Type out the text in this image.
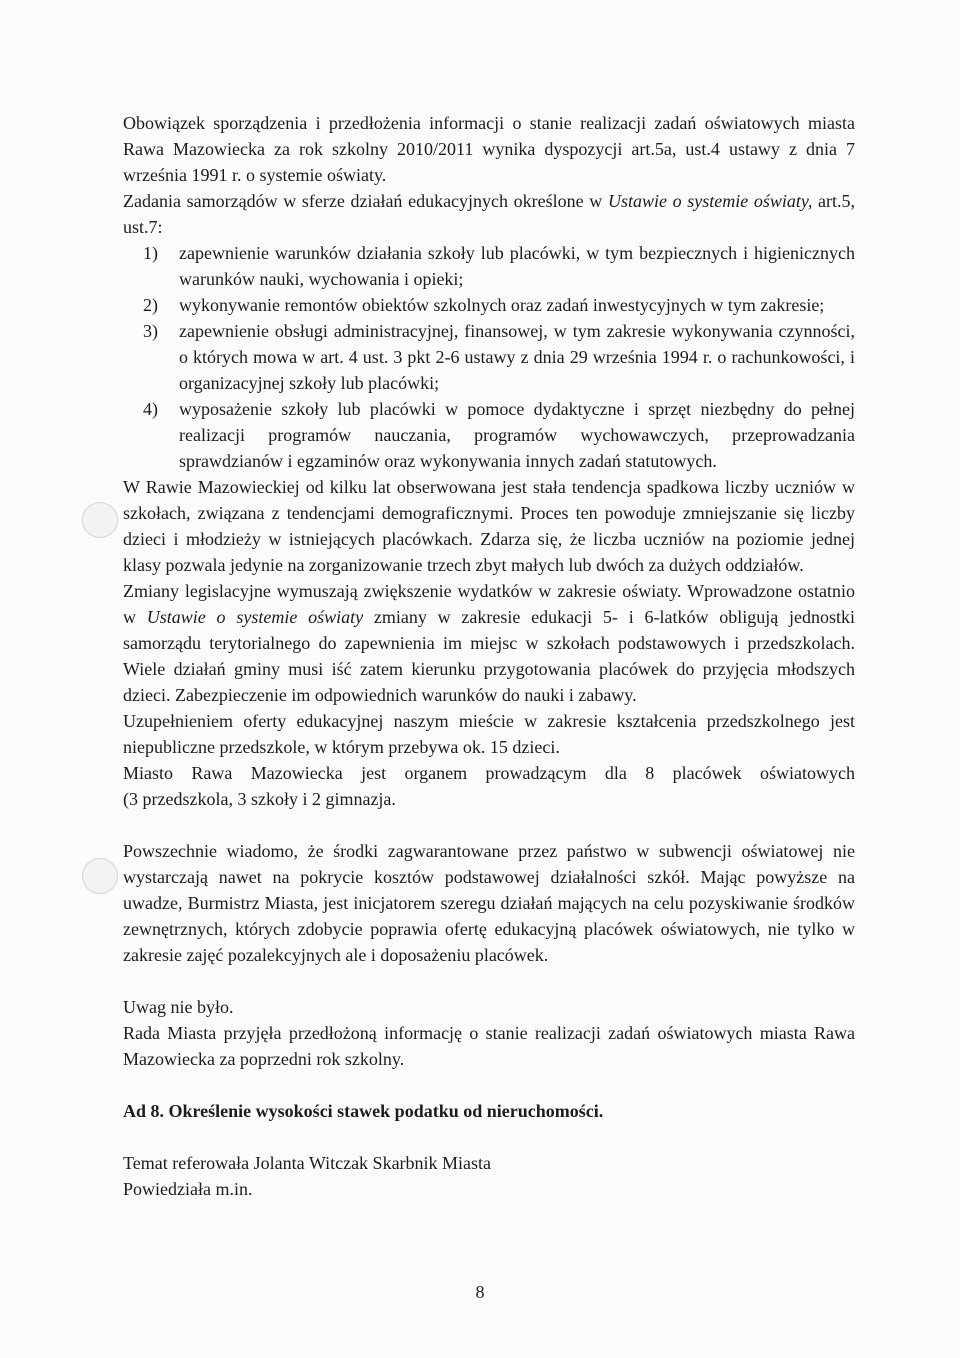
Obowiązek sporządzenia i przedłożenia informacji o stanie realizacji zadań oświatowych miasta Rawa Mazowiecka za rok szkolny 2010/2011 wynika dyspozycji art.5a, ust.4 ustawy z dnia 7 września 1991 r. o systemie oświaty.

Zadania samorządów w sferze działań edukacyjnych określone w Ustawie o systemie oświaty, art.5, ust.7:

1)	zapewnienie warunków działania szkoły lub placówki, w tym bezpiecznych i higienicznych warunków nauki, wychowania i opieki;
2)	wykonywanie remontów obiektów szkolnych oraz zadań inwestycyjnych w tym zakresie;
3)	zapewnienie obsługi administracyjnej, finansowej, w tym zakresie wykonywania czynności, o których mowa w art. 4 ust. 3 pkt 2-6 ustawy z dnia 29 września 1994 r. o rachunkowości, i organizacyjnej szkoły lub placówki;
4)	wyposażenie szkoły lub placówki w pomoce dydaktyczne i sprzęt niezbędny do pełnej realizacji programów nauczania, programów wychowawczych, przeprowadzania sprawdzianów i egzaminów oraz wykonywania innych zadań statutowych.

W Rawie Mazowieckiej od kilku lat obserwowana jest stała tendencja spadkowa liczby uczniów w szkołach, związana z tendencjami demograficznymi. Proces ten powoduje zmniejszanie się liczby dzieci i młodzieży w istniejących placówkach. Zdarza się, że liczba uczniów na poziomie jednej klasy pozwala jedynie na zorganizowanie trzech zbyt małych lub dwóch za dużych oddziałów.

Zmiany legislacyjne wymuszają zwiększenie wydatków w zakresie oświaty. Wprowadzone ostatnio w Ustawie o systemie oświaty zmiany w zakresie edukacji 5- i 6-latków obligują jednostki samorządu terytorialnego do zapewnienia im miejsc w szkołach podstawowych i przedszkolach. Wiele działań gminy musi iść zatem kierunku przygotowania placówek do przyjęcia młodszych dzieci. Zabezpieczenie im odpowiednich warunków do nauki i zabawy.

Uzupełnieniem oferty edukacyjnej naszym mieście w zakresie kształcenia przedszkolnego jest niepubliczne przedszkole, w którym przebywa ok. 15 dzieci.

Miasto Rawa Mazowiecka jest organem prowadzącym dla 8 placówek oświatowych

(3 przedszkola, 3 szkoły i 2 gimnazja.

Powszechnie wiadomo, że środki zagwarantowane przez państwo w subwencji oświatowej nie wystarczają nawet na pokrycie kosztów podstawowej działalności szkół. Mając powyższe na uwadze, Burmistrz Miasta, jest inicjatorem szeregu działań mających na celu pozyskiwanie środków zewnętrznych, których zdobycie poprawia ofertę edukacyjną placówek oświatowych, nie tylko w zakresie zajęć pozalekcyjnych ale i doposażeniu placówek.

Uwag nie było.

Rada Miasta przyjęła przedłożoną informację o stanie realizacji zadań oświatowych miasta Rawa Mazowiecka za poprzedni rok szkolny.

Ad 8. Określenie wysokości stawek podatku od nieruchomości.

Temat referowała Jolanta Witczak Skarbnik Miasta

Powiedziała m.in.

8
